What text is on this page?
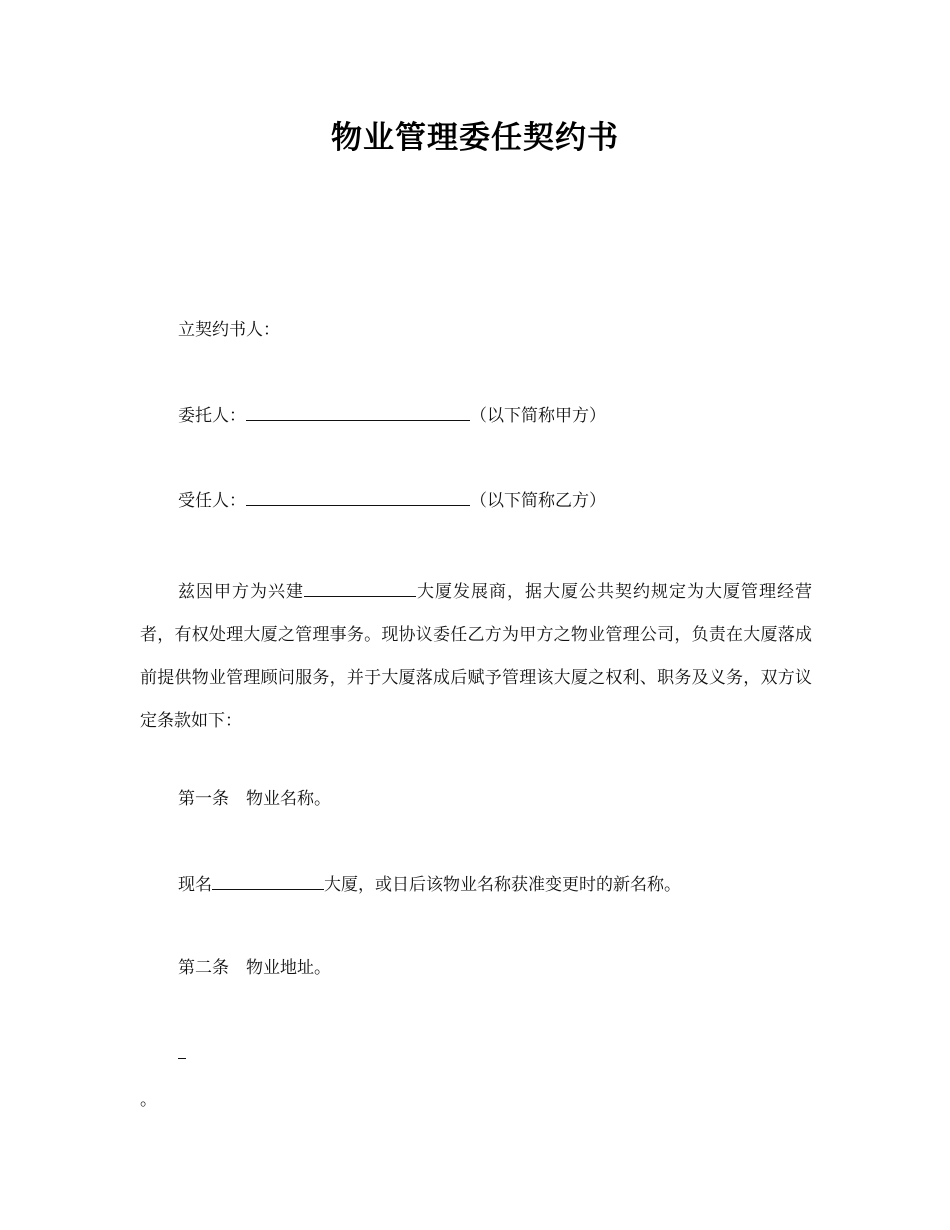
物业管理委任契约书
立契约书人：
委托人：	（以下简称甲方）
受任人：	（以下简称乙方）
兹因甲方为兴建	大厦发展商，据大厦公共契约规定为大厦管理经营者，有权处理大厦之管理事务。现协议委任乙方为甲方之物业管理公司，负责在大厦落成前提供物业管理顾问服务，并于大厦落成后赋予管理该大厦之权利、职务及义务，双方议定条款如下：
第一条　物业名称。
现名	大厦，或日后该物业名称获准变更时的新名称。
第二条　物业地址。
。
